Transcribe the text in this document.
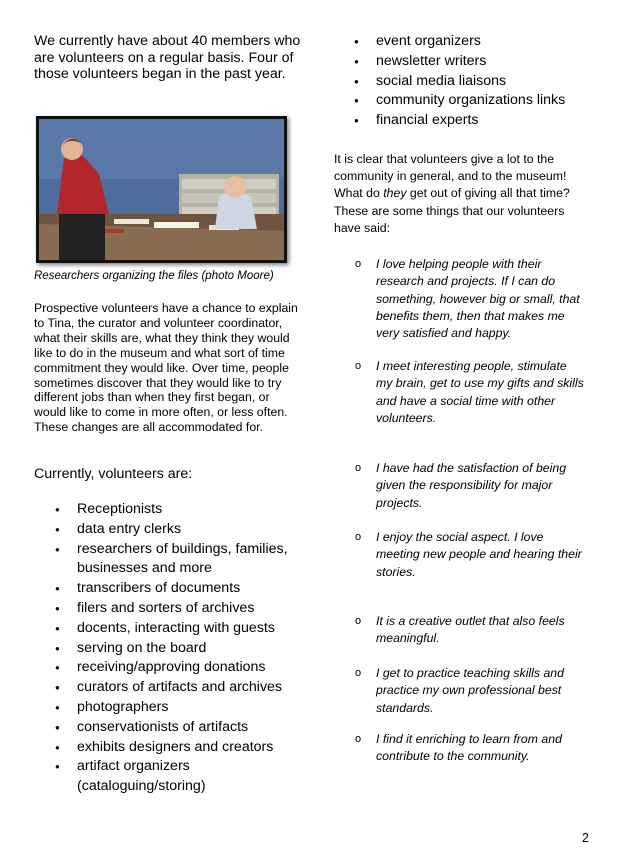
We currently have about 40 members who are volunteers on a regular basis. Four of those volunteers began in the past year.

Researchers organizing the files (photo Moore)

Prospective volunteers have a chance to explain to Tina, the curator and volunteer coordinator, what their skills are, what they think they would like to do in the museum and what sort of time commitment they would like. Over time, people sometimes discover that they would like to try different jobs than when they first began, or would like to come in more often, or less often. These changes are all accommodated for.

Currently, volunteers are:

● Receptionists
● data entry clerks
● researchers of buildings, families, businesses and more
● transcribers of documents
● filers and sorters of archives
● docents, interacting with guests
● serving on the board
● receiving/approving donations
● curators of artifacts and archives
● photographers
● conservationists of artifacts
● exhibits designers and creators
● artifact organizers (cataloguing/storing)
● event organizers
● newsletter writers
● social media liaisons
● community organizations links
● financial experts

It is clear that volunteers give a lot to the community in general, and to the museum! What do they get out of giving all that time? These are some things that our volunteers have said:

o I love helping people with their research and projects. If I can do something, however big or small, that benefits them, then that makes me very satisfied and happy.
o I meet interesting people, stimulate my brain, get to use my gifts and skills and have a social time with other volunteers.
o I have had the satisfaction of being given the responsibility for major projects.
o I enjoy the social aspect. I love meeting new people and hearing their stories.
o It is a creative outlet that also feels meaningful.
o I get to practice teaching skills and practice my own professional best standards.
o I find it enriching to learn from and contribute to the community.
2
